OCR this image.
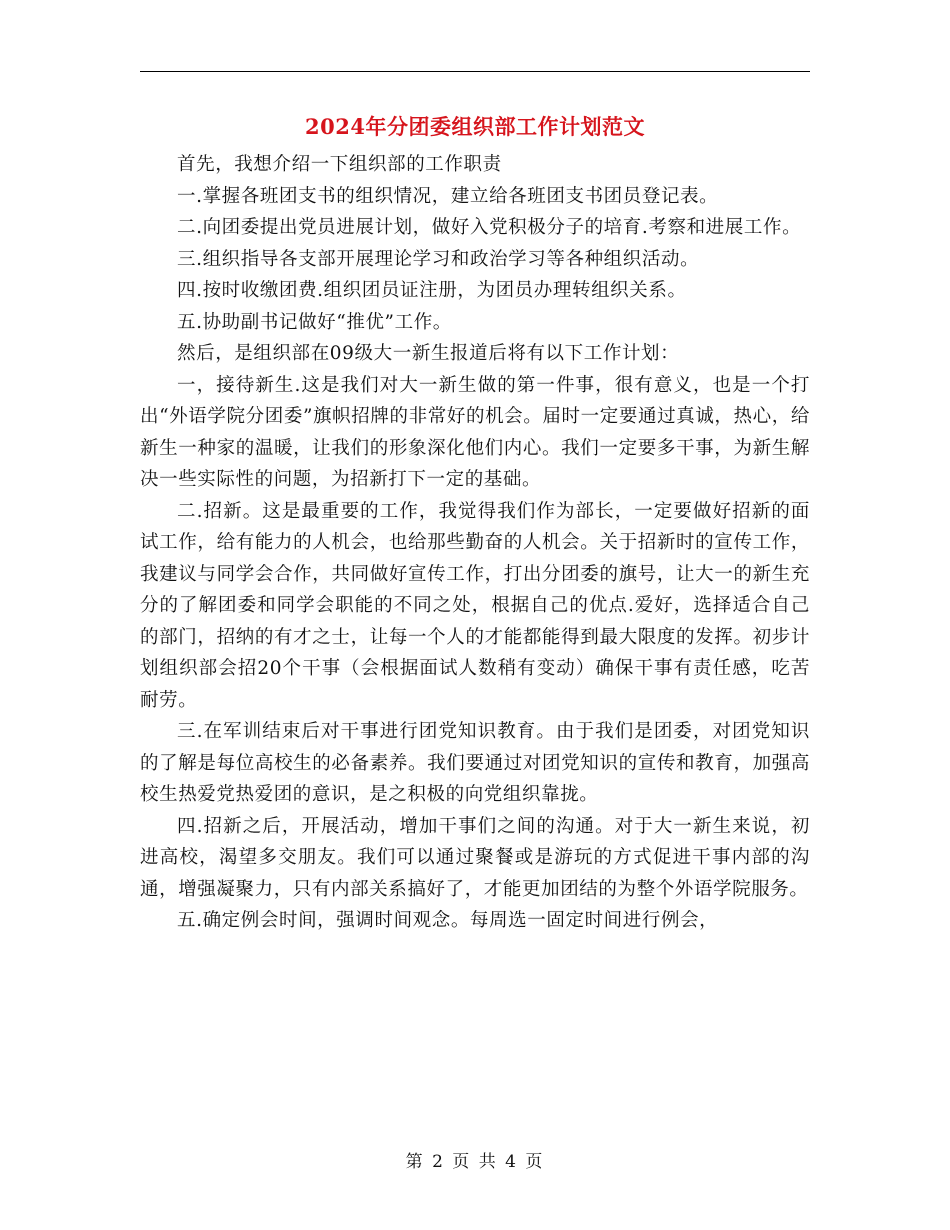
2024年分团委组织部工作计划范文

首先，我想介绍一下组织部的工作职责

一.掌握各班团支书的组织情况，建立给各班团支书团员登记表。

二.向团委提出党员进展计划，做好入党积极分子的培育.考察和进展工作。

三.组织指导各支部开展理论学习和政治学习等各种组织活动。

四.按时收缴团费.组织团员证注册，为团员办理转组织关系。

五.协助副书记做好“推优”工作。

然后，是组织部在09级大一新生报道后将有以下工作计划：

一，接待新生.这是我们对大一新生做的第一件事，很有意义，也是一个打出“外语学院分团委”旗帜招牌的非常好的机会。届时一定要通过真诚，热心，给新生一种家的温暖，让我们的形象深化他们内心。我们一定要多干事，为新生解决一些实际性的问题，为招新打下一定的基础。

二.招新。这是最重要的工作，我觉得我们作为部长，一定要做好招新的面试工作，给有能力的人机会，也给那些勤奋的人机会。关于招新时的宣传工作，我建议与同学会合作，共同做好宣传工作，打出分团委的旗号，让大一的新生充分的了解团委和同学会职能的不同之处，根据自己的优点.爱好，选择适合自己的部门，招纳的有才之士，让每一个人的才能都能得到最大限度的发挥。初步计划组织部会招20个干事（会根据面试人数稍有变动）确保干事有责任感，吃苦耐劳。

三.在军训结束后对干事进行团党知识教育。由于我们是团委，对团党知识的了解是每位高校生的必备素养。我们要通过对团党知识的宣传和教育，加强高校生热爱党热爱团的意识，是之积极的向党组织靠拢。

四.招新之后，开展活动，增加干事们之间的沟通。对于大一新生来说，初进高校，渴望多交朋友。我们可以通过聚餐或是游玩的方式促进干事内部的沟通，增强凝聚力，只有内部关系搞好了，才能更加团结的为整个外语学院服务。

五.确定例会时间，强调时间观念。每周选一固定时间进行例会，

第 2 页 共 4 页
